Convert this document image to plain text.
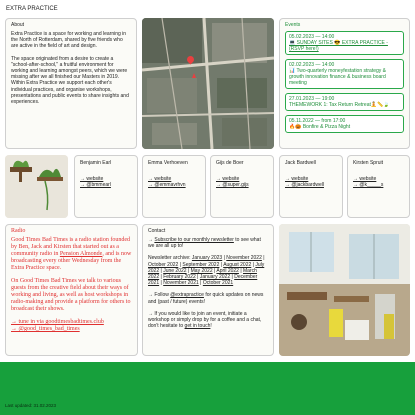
EXTRA PRACTICE
About

Extra Practice is a space for working and learning in the North of Rotterdam, shared by five friends who are active in the field of art and design.

The space originated from a desire to create a "school-after-school," a fruitful environment for working and learning amongst peers, which we were missing after we all finished our Masters in 2019. Within Extra Practice we support each other's individual practices, and organise workshops, presentations and public events to share insights and experiences.

Events
05.02.2023 — 14:00
💻 SUNDAY SITES 😎 EXTRA PRACTICE - (RSVP here!)
02.02.2023 — 14:00
📊 Two-quarterly moneyfestation strategy & growth innovation finance & business board meeting
27.01.2023 — 19:00
THEMEWORK 1: Tax Return Retreat🧘📏🍃
05.11.2022 — from 17:00
🔥🎃 Bonfire & Pizza Night
Benjamin Earl
→ website
→ @bmmearl
Emma Verhoeven
→ website
→ @emmavrhvn
Gijs de Boer
→ website
→ @super.gijs
Jack Bardwell
→ website
→ @jackbardwell
Kirsten Spruit
→ website
→ @k_____s
Radio

Good Times Bad Times is a radio station founded by Ben, Jack and Kirsten that started out as a community radio in Pension Almonde, and is now broadcasting every other Wednesday from the Extra Practice space.

On Good Times Bad Times we talk to various guests from the creative field about their ways of working and living, as well as host workshops in radio-making and provide a platform for others to broadcast their shows.

→ tune in via goodtimesbadtimes.club
→ @good_times_bad_times
Contact

→ Subscribe to our monthly newsletter to see what we are all up to!

Newsletter archive: January 2023 | November 2022 | October 2022 | September 2022 | August 2022 | July 2022 | June 2022 | May 2022 | April 2022 | March 2022 | February 2022 | January 2022 | December 2021 | November 2021 | October 2021

→ Follow @extrapractice for quick updates on news and (past / future) events!

→ If you would like to join an event, initiate a workshop or simply drop by for a coffee and a chat, don't hesitate to get in touch!

Last updated: 31.02.2023
